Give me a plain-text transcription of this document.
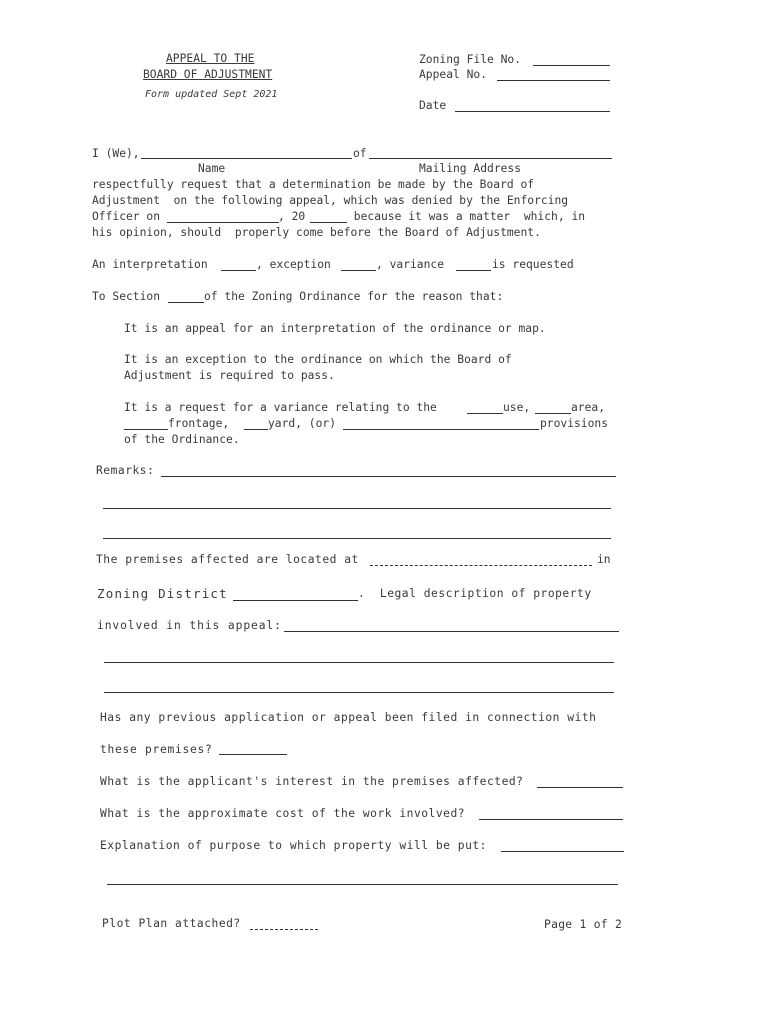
APPEAL TO THE
BOARD OF ADJUSTMENT
Form updated Sept 2021
Zoning File No.
Appeal No.
Date
I (We),	of
Name	Mailing Address
respectfully request that a determination be made by the Board of
Adjustment  on the following appeal, which was denied by the Enforcing
Officer on	, 20	because it was a matter  which, in
his opinion, should  properly come before the Board of Adjustment.
An interpretation	, exception	, variance	is requested
To Section	of the Zoning Ordinance for the reason that:
It is an appeal for an interpretation of the ordinance or map.
It is an exception to the ordinance on which the Board of
Adjustment is required to pass.
It is a request for a variance relating to the	use,	area,
frontage,	yard, (or)	provisions
of the Ordinance.
Remarks:
The premises affected are located at	in
Zoning District	.  Legal description of property
involved in this appeal:
Has any previous application or appeal been filed in connection with
these premises?
What is the applicant's interest in the premises affected?
What is the approximate cost of the work involved?
Explanation of purpose to which property will be put:
Plot Plan attached?	Page 1 of 2
